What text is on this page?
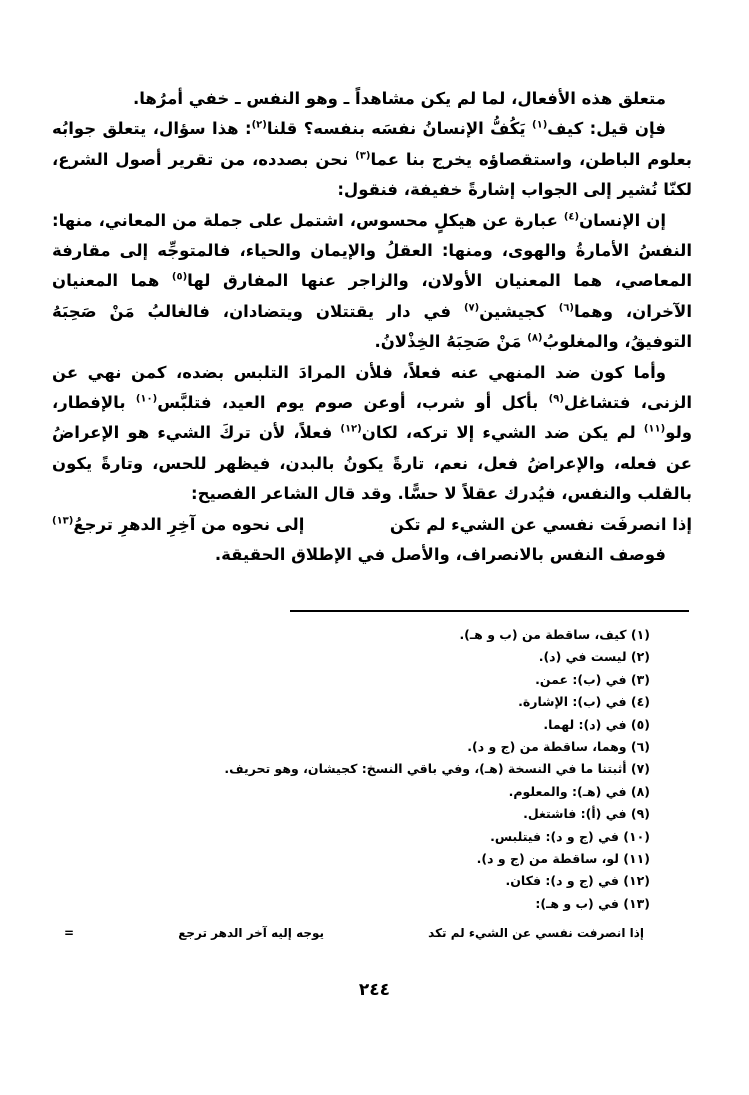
متعلق هذه الأفعال، لما لم يكن مشاهداً ـ وهو النفس ـ خفي أمرُها.

فإن قيل: كيف$^{(١)}$ يَكُفُّ الإنسانُ نفسَه بنفسه؟ قلنا$^{(٢)}$: هذا سؤال، يتعلق جوابُه بعلوم الباطن، واستقصاؤه يخرج بنا عما$^{(٣)}$ نحن بصدده، من تقرير أصول الشرع، لكنّا نُشير إلى الجواب إشارةً خفيفة، فنقول:

إن الإنسان$^{(٤)}$ عبارة عن هيكلٍ محسوس، اشتمل على جملة من المعاني، منها: النفسُ الأمارةُ والهوى، ومنها: العقلُ والإيمان والحياء، فالمتوجِّه إلى مقارفة المعاصي، هما المعنيان الأولان، والزاجر عنها المفارق لها$^{(٥)}$ هما المعنيان الآخران، وهما$^{(٦)}$ كجيشين$^{(٧)}$ في دار يقتتلان ويتضادان، فالغالبُ مَنْ صَحِبَهُ التوفيقُ، والمغلوبُ$^{(٨)}$ مَنْ صَحِبَهُ الخِذْلانُ.

وأما كون ضد المنهي عنه فعلاً، فلأن المرادَ التلبس بضده، كمن نهي عن الزنى، فتشاغل$^{(٩)}$ بأكل أو شرب، أوعن صوم يوم العيد، فتلبَّس$^{(١٠)}$ بالإفطار، ولو$^{(١١)}$ لم يكن ضد الشيء إلا تركه، لكان$^{(١٢)}$ فعلاً، لأن تركَ الشيء هو الإعراضُ عن فعله، والإعراضُ فعل، نعم، تارةً يكونُ بالبدن، فيظهر للحس، وتارةً يكون بالقلب والنفس، فيُدرك عقلاً لا حسًّا. وقد قال الشاعر الفصيح:

إذا انصرفَت نفسي عن الشيء لم تكن
إلى نحوه من آخِرِ الدهرِ ترجعُ$^{(١٣)}$

فوصف النفس بالانصراف، والأصل في الإطلاق الحقيقة.

(١) كيف، ساقطة من (ب و هـ).
(٢) ليست في (د).
(٣) في (ب): عمن.
(٤) في (ب): الإشارة.
(٥) في (د): لهما.
(٦) وهما، ساقطة من (ج و د).
(٧) أثبتنا ما في النسخة (هـ)، وفي باقي النسخ: كجيشان، وهو تحريف.
(٨) في (هـ): والمعلوم.
(٩) في (أ): فاشتغل.
(١٠) في (ج و د): فيتلبس.
(١١) لو، ساقطة من (ج و د).
(١٢) في (ج و د): فكان.
(١٣) في (ب و هـ):
إذا انصرفت نفسي عن الشيء لم تكد
يوجه إليه آخر الدهر ترجع
=
٢٤٤
